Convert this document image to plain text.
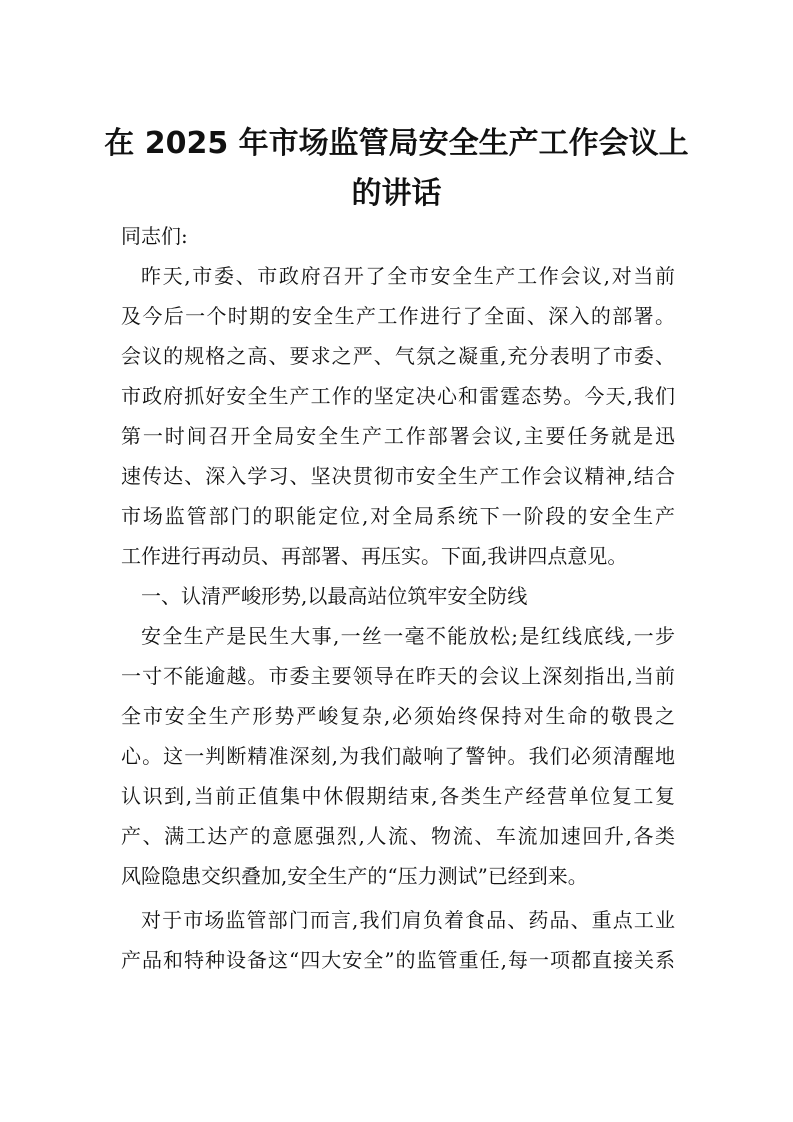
在 2025 年市场监管局安全生产工作会议上
的讲话
同志们:
昨天,市委、市政府召开了全市安全生产工作会议,对当前
及今后一个时期的安全生产工作进行了全面、深入的部署。
会议的规格之高、要求之严、气氛之凝重,充分表明了市委、
市政府抓好安全生产工作的坚定决心和雷霆态势。今天,我们
第一时间召开全局安全生产工作部署会议,主要任务就是迅
速传达、深入学习、坚决贯彻市安全生产工作会议精神,结合
市场监管部门的职能定位,对全局系统下一阶段的安全生产
工作进行再动员、再部署、再压实。下面,我讲四点意见。
一、认清严峻形势,以最高站位筑牢安全防线
安全生产是民生大事,一丝一毫不能放松;是红线底线,一步
一寸不能逾越。市委主要领导在昨天的会议上深刻指出,当前
全市安全生产形势严峻复杂,必须始终保持对生命的敬畏之
心。这一判断精准深刻,为我们敲响了警钟。我们必须清醒地
认识到,当前正值集中休假期结束,各类生产经营单位复工复
产、满工达产的意愿强烈,人流、物流、车流加速回升,各类
风险隐患交织叠加,安全生产的“压力测试”已经到来。
对于市场监管部门而言,我们肩负着食品、药品、重点工业
产品和特种设备这“四大安全”的监管重任,每一项都直接关系
